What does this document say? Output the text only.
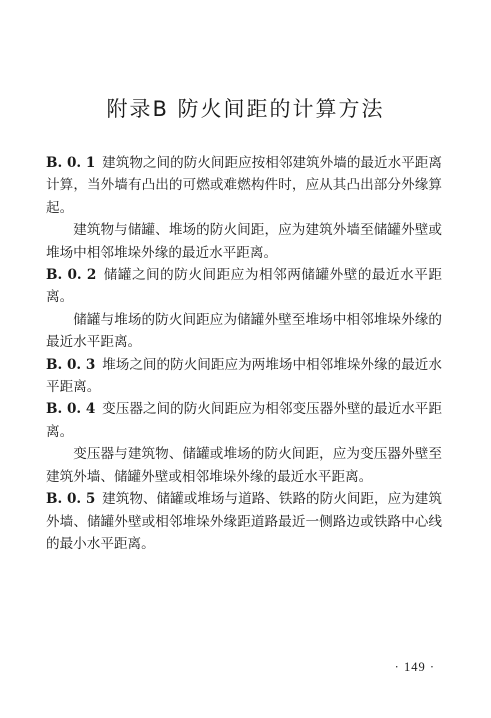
附录B 防火间距的计算方法

B. 0. 1 建筑物之间的防火间距应按相邻建筑外墙的最近水平距离计算，当外墙有凸出的可燃或难燃构件时，应从其凸出部分外缘算起。

建筑物与储罐、堆场的防火间距，应为建筑外墙至储罐外壁或堆场中相邻堆垛外缘的最近水平距离。

B. 0. 2 储罐之间的防火间距应为相邻两储罐外壁的最近水平距离。

储罐与堆场的防火间距应为储罐外壁至堆场中相邻堆垛外缘的最近水平距离。

B. 0. 3 堆场之间的防火间距应为两堆场中相邻堆垛外缘的最近水平距离。

B. 0. 4 变压器之间的防火间距应为相邻变压器外壁的最近水平距离。

变压器与建筑物、储罐或堆场的防火间距，应为变压器外壁至建筑外墙、储罐外壁或相邻堆垛外缘的最近水平距离。

B. 0. 5 建筑物、储罐或堆场与道路、铁路的防火间距，应为建筑外墙、储罐外壁或相邻堆垛外缘距道路最近一侧路边或铁路中心线的最小水平距离。

· 149 ·
